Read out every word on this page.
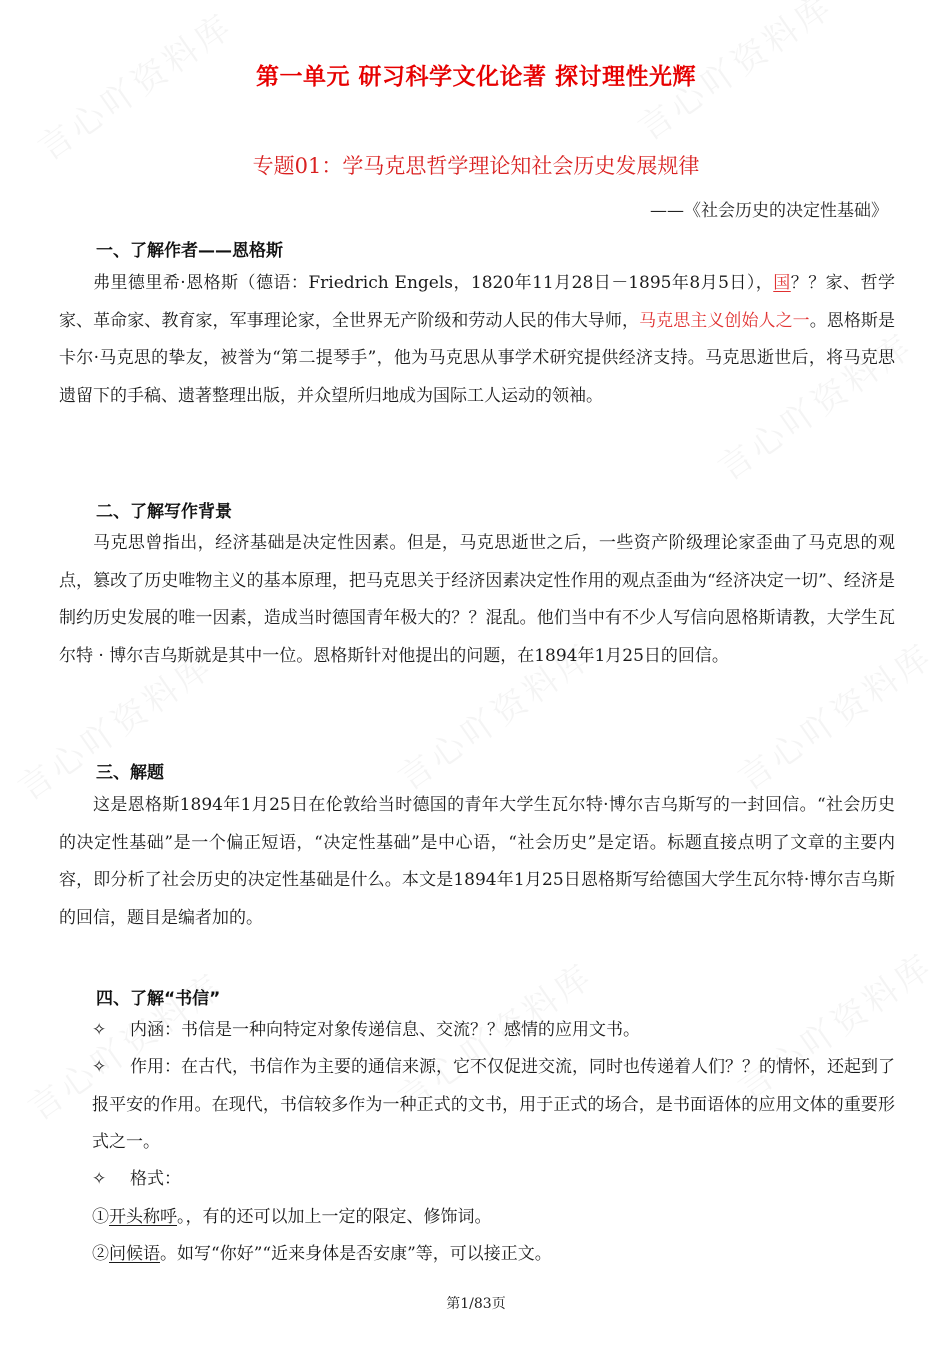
第一单元 研习科学文化论著 探讨理性光辉
专题01：学马克思哲学理论知社会历史发展规律
——《社会历史的决定性基础》
一、了解作者——恩格斯

弗里德里希·恩格斯（德语：Friedrich Engels，1820年11月28日－1895年8月5日），国？？家、哲学家、革命家、教育家，军事理论家，全世界无产阶级和劳动人民的伟大导师，马克思主义创始人之一。恩格斯是卡尔·马克思的挚友，被誉为“第二提琴手”，他为马克思从事学术研究提供经济支持。马克思逝世后，将马克思遗留下的手稿、遗著整理出版，并众望所归地成为国际工人运动的领袖。

二、了解写作背景

马克思曾指出，经济基础是决定性因素。但是，马克思逝世之后，一些资产阶级理论家歪曲了马克思的观点，篡改了历史唯物主义的基本原理，把马克思关于经济因素决定性作用的观点歪曲为“经济决定一切”、经济是制约历史发展的唯一因素，造成当时德国青年极大的？？混乱。他们当中有不少人写信向恩格斯请教，大学生瓦尔特 · 博尔吉乌斯就是其中一位。恩格斯针对他提出的问题，在1894年1月25日的回信。

三、解题

这是恩格斯1894年1月25日在伦敦给当时德国的青年大学生瓦尔特·博尔吉乌斯写的一封回信。“社会历史的决定性基础”是一个偏正短语，“决定性基础”是中心语，“社会历史”是定语。标题直接点明了文章的主要内容，即分析了社会历史的决定性基础是什么。本文是1894年1月25日恩格斯写给德国大学生瓦尔特·博尔吉乌斯的回信，题目是编者加的。

四、了解“书信”

✧ 内涵：书信是一种向特定对象传递信息、交流？？感情的应用文书。

✧ 作用：在古代，书信作为主要的通信来源，它不仅促进交流，同时也传递着人们？？的情怀，还起到了报平安的作用。在现代，书信较多作为一种正式的文书，用于正式的场合，是书面语体的应用文体的重要形式之一。

✧ 格式：

①开头称呼。，有的还可以加上一定的限定、修饰词。

②问候语。如写“你好”“近来身体是否安康”等，可以接正文。

第1/83页
